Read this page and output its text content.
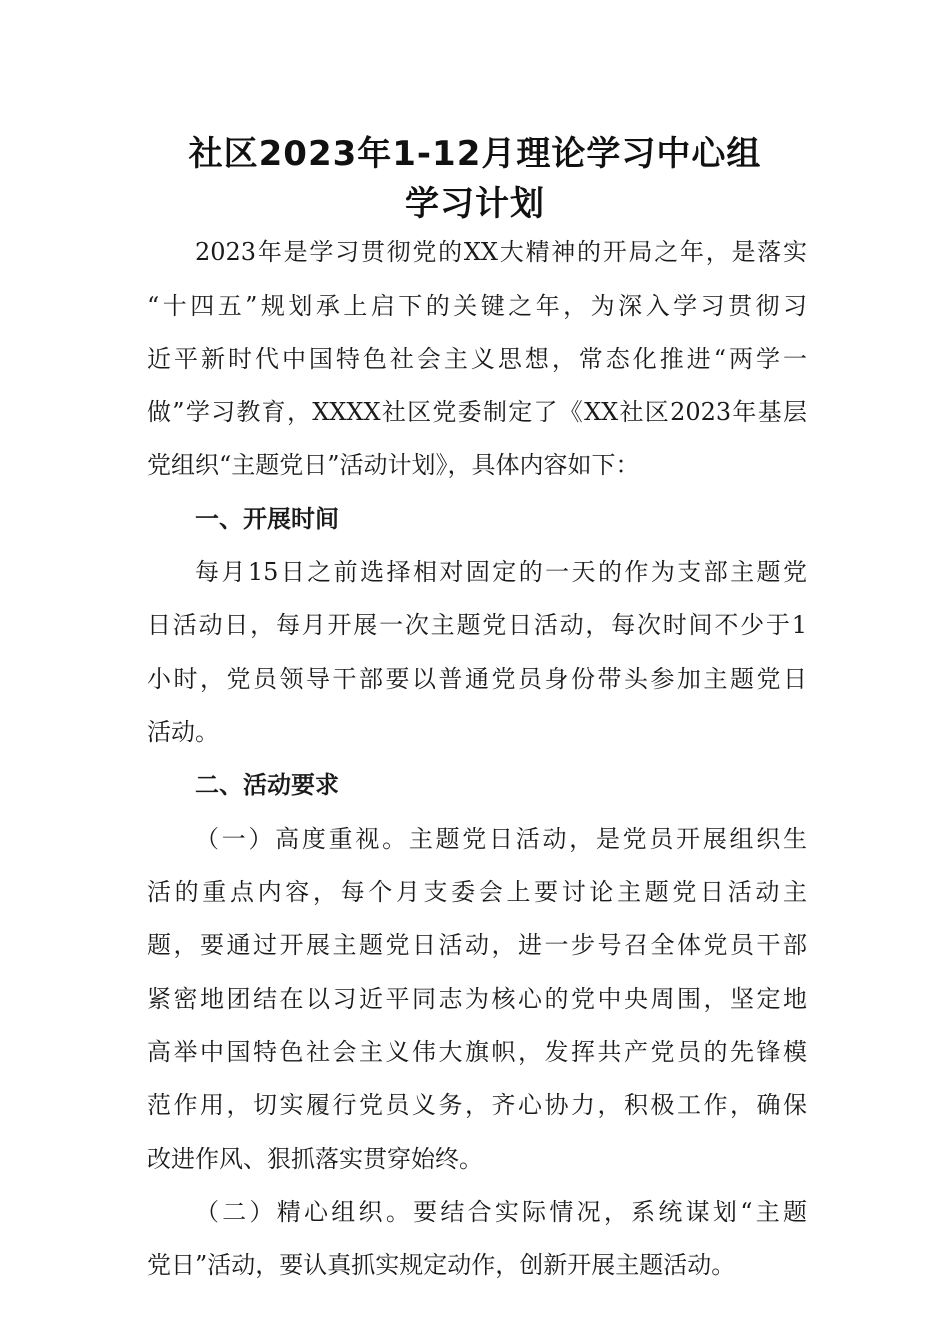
社区2023年1-12月理论学习中心组
学习计划
2023年是学习贯彻党的XX大精神的开局之年，是落实
“十四五”规划承上启下的关键之年，为深入学习贯彻习
近平新时代中国特色社会主义思想，常态化推进“两学一
做”学习教育，XXXX社区党委制定了《XX社区2023年基层
党组织“主题党日”活动计划》，具体内容如下：
一、开展时间
每月15日之前选择相对固定的一天的作为支部主题党
日活动日，每月开展一次主题党日活动，每次时间不少于1
小时，党员领导干部要以普通党员身份带头参加主题党日
活动。
二、活动要求
（一）高度重视。主题党日活动，是党员开展组织生
活的重点内容，每个月支委会上要讨论主题党日活动主
题，要通过开展主题党日活动，进一步号召全体党员干部
紧密地团结在以习近平同志为核心的党中央周围，坚定地
高举中国特色社会主义伟大旗帜，发挥共产党员的先锋模
范作用，切实履行党员义务，齐心协力，积极工作，确保
改进作风、狠抓落实贯穿始终。
（二）精心组织。要结合实际情况，系统谋划“主题
党日”活动，要认真抓实规定动作，创新开展主题活动。
